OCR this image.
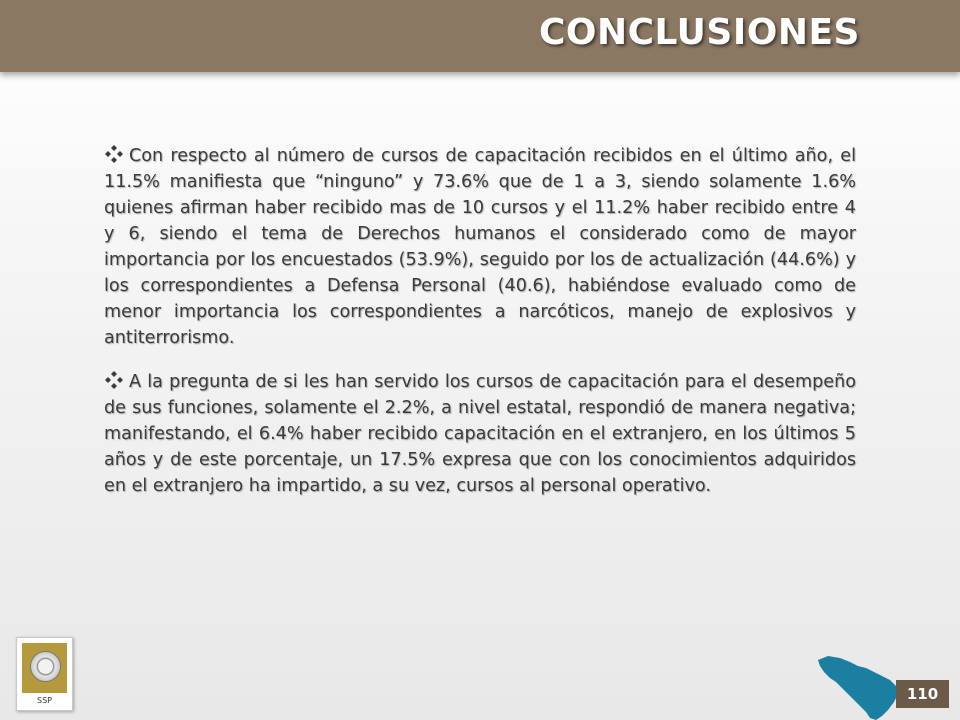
CONCLUSIONES

Con respecto al número de cursos de capacitación recibidos en el último año, el 11.5% manifiesta que “ninguno” y 73.6% que de 1 a 3, siendo solamente 1.6% quienes afirman haber recibido mas de 10 cursos y el 11.2% haber recibido entre 4 y 6, siendo el tema de Derechos humanos el considerado como de mayor importancia por los encuestados (53.9%), seguido por los de actualización (44.6%) y los correspondientes a Defensa Personal (40.6), habiéndose evaluado como de menor importancia los correspondientes a narcóticos, manejo de explosivos y antiterrorismo.

A la pregunta de si les han servido los cursos de capacitación para el desempeño de sus funciones, solamente el 2.2%, a nivel estatal, respondió de manera negativa; manifestando, el 6.4% haber recibido capacitación en el extranjero, en los últimos 5 años y de este porcentaje, un 17.5% expresa que con los conocimientos adquiridos en el extranjero ha impartido, a su vez, cursos al personal operativo.

SSP	110
